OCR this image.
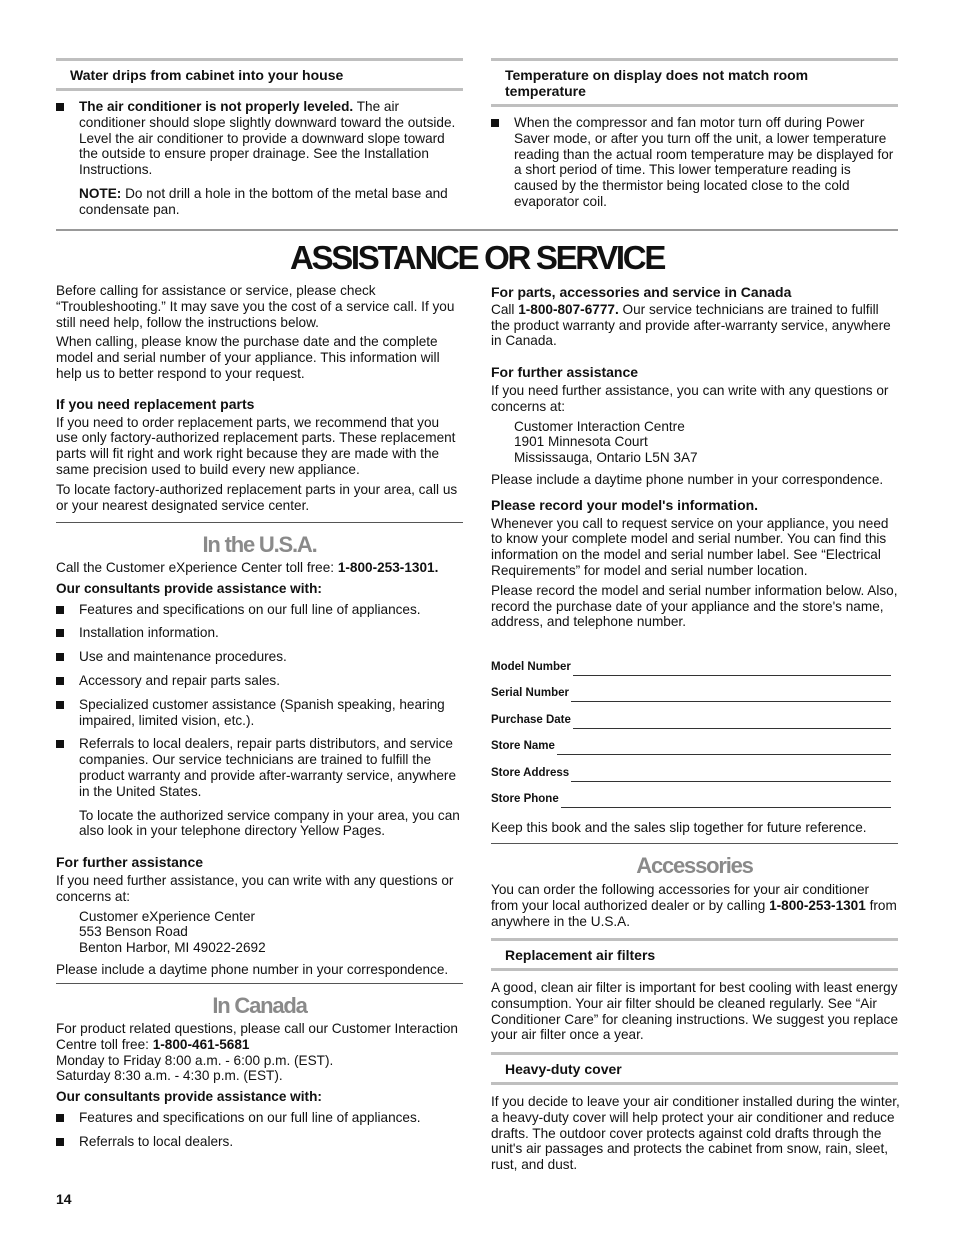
Water drips from cabinet into your house
The air conditioner is not properly leveled. The air conditioner should slope slightly downward toward the outside. Level the air conditioner to provide a downward slope toward the outside to ensure proper drainage. See the Installation Instructions.

NOTE: Do not drill a hole in the bottom of the metal base and condensate pan.

Temperature on display does not match room temperature
When the compressor and fan motor turn off during Power Saver mode, or after you turn off the unit, a lower temperature reading than the actual room temperature may be displayed for a short period of time. This lower temperature reading is caused by the thermistor being located close to the cold evaporator coil.
ASSISTANCE OR SERVICE

Before calling for assistance or service, please check “Troubleshooting.” It may save you the cost of a service call. If you still need help, follow the instructions below.

When calling, please know the purchase date and the complete model and serial number of your appliance. This information will help us to better respond to your request.

If you need replacement parts

If you need to order replacement parts, we recommend that you use only factory-authorized replacement parts. These replacement parts will fit right and work right because they are made with the same precision used to build every new appliance.

To locate factory-authorized replacement parts in your area, call us or your nearest designated service center.

In the U.S.A.

Call the Customer eXperience Center toll free: 1-800-253-1301.

Our consultants provide assistance with:

Features and specifications on our full line of appliances.
Installation information.
Use and maintenance procedures.
Accessory and repair parts sales.
Specialized customer assistance (Spanish speaking, hearing impaired, limited vision, etc.).
Referrals to local dealers, repair parts distributors, and service companies. Our service technicians are trained to fulfill the product warranty and provide after-warranty service, anywhere in the United States.

To locate the authorized service company in your area, you can also look in your telephone directory Yellow Pages.

For further assistance

If you need further assistance, you can write with any questions or concerns at:

Customer eXperience Center

553 Benson Road

Benton Harbor, MI 49022-2692

Please include a daytime phone number in your correspondence.

In Canada

For product related questions, please call our Customer Interaction Centre toll free: 1-800-461-5681

Monday to Friday 8:00 a.m. - 6:00 p.m. (EST).

Saturday 8:30 a.m. - 4:30 p.m. (EST).

Our consultants provide assistance with:

Features and specifications on our full line of appliances.
Referrals to local dealers.

For parts, accessories and service in Canada

Call 1-800-807-6777. Our service technicians are trained to fulfill the product warranty and provide after-warranty service, anywhere in Canada.

For further assistance

If you need further assistance, you can write with any questions or concerns at:

Customer Interaction Centre

1901 Minnesota Court

Mississauga, Ontario L5N 3A7

Please include a daytime phone number in your correspondence.

Please record your model's information.

Whenever you call to request service on your appliance, you need to know your complete model and serial number. You can find this information on the model and serial number label. See “Electrical Requirements” for model and serial number location.

Please record the model and serial number information below. Also, record the purchase date of your appliance and the store's name, address, and telephone number.

Model Number
Serial Number
Purchase Date
Store Name
Store Address
Store Phone

Keep this book and the sales slip together for future reference.

Accessories

You can order the following accessories for your air conditioner from your local authorized dealer or by calling 1-800-253-1301 from anywhere in the U.S.A.

Replacement air filters

A good, clean air filter is important for best cooling with least energy consumption. Your air filter should be cleaned regularly. See “Air Conditioner Care” for cleaning instructions. We suggest you replace your air filter once a year.

Heavy-duty cover

If you decide to leave your air conditioner installed during the winter, a heavy-duty cover will help protect your air conditioner and reduce drafts. The outdoor cover protects against cold drafts through the unit's air passages and protects the cabinet from snow, rain, sleet, rust, and dust.

14
